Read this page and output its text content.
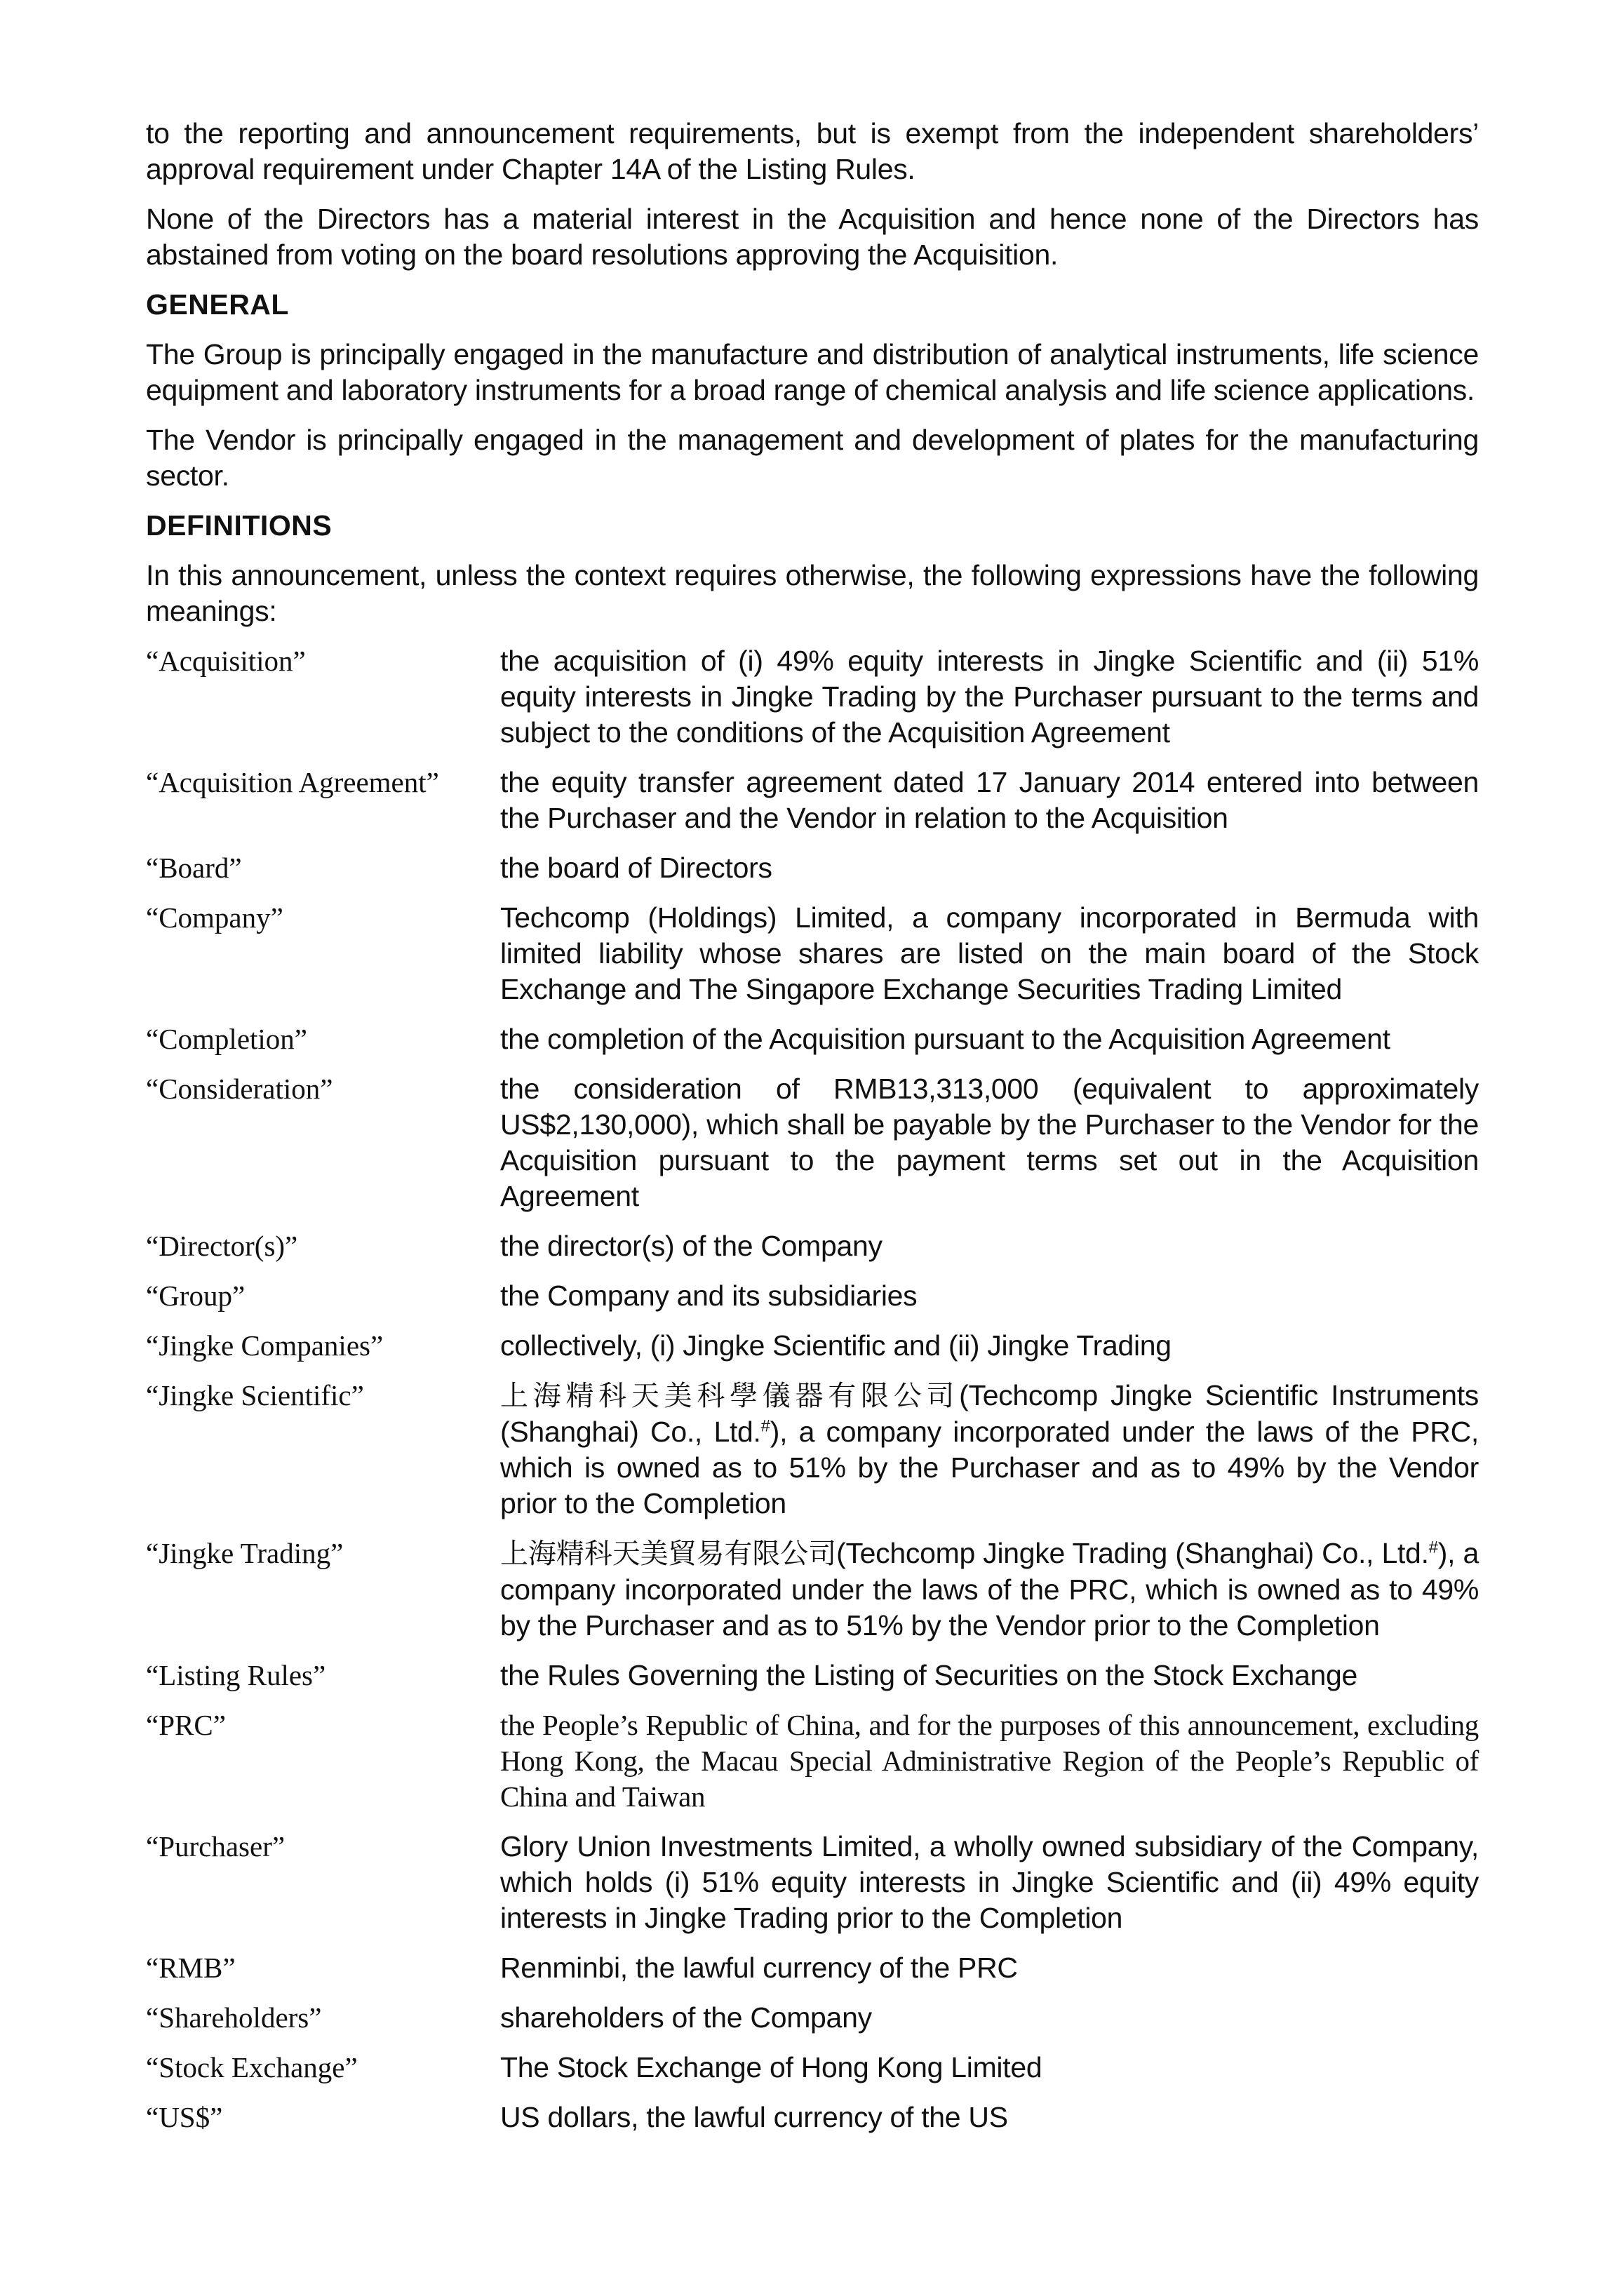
to the reporting and announcement requirements, but is exempt from the independent shareholders’ approval requirement under Chapter 14A of the Listing Rules.

None of the Directors has a material interest in the Acquisition and hence none of the Directors has abstained from voting on the board resolutions approving the Acquisition.

GENERAL

The Group is principally engaged in the manufacture and distribution of analytical instruments, life science equipment and laboratory instruments for a broad range of chemical analysis and life science applications.

The Vendor is principally engaged in the management and development of plates for the manufacturing sector.

DEFINITIONS

In this announcement, unless the context requires otherwise, the following expressions have the following meanings:

“Acquisition”	the acquisition of (i) 49% equity interests in Jingke Scientific and (ii) 51% equity interests in Jingke Trading by the Purchaser pursuant to the terms and subject to the conditions of the Acquisition Agreement
“Acquisition Agreement”	the equity transfer agreement dated 17 January 2014 entered into between the Purchaser and the Vendor in relation to the Acquisition
“Board”	the board of Directors
“Company”	Techcomp (Holdings) Limited, a company incorporated in Bermuda with limited liability whose shares are listed on the main board of the Stock Exchange and The Singapore Exchange Securities Trading Limited
“Completion”	the completion of the Acquisition pursuant to the Acquisition Agreement
“Consideration”	the consideration of RMB13,313,000 (equivalent to approximately US$2,130,000), which shall be payable by the Purchaser to the Vendor for the Acquisition pursuant to the payment terms set out in the Acquisition Agreement
“Director(s)”	the director(s) of the Company
“Group”	the Company and its subsidiaries
“Jingke Companies”	collectively, (i) Jingke Scientific and (ii) Jingke Trading
“Jingke Scientific”	上海精科天美科學儀器有限公司(Techcomp Jingke Scientific Instruments (Shanghai) Co., Ltd.#), a company incorporated under the laws of the PRC, which is owned as to 51% by the Purchaser and as to 49% by the Vendor prior to the Completion
“Jingke Trading”	上海精科天美貿易有限公司(Techcomp Jingke Trading (Shanghai) Co., Ltd.#), a company incorporated under the laws of the PRC, which is owned as to 49% by the Purchaser and as to 51% by the Vendor prior to the Completion
“Listing Rules”	the Rules Governing the Listing of Securities on the Stock Exchange
“PRC”	the People’s Republic of China, and for the purposes of this announcement, excluding Hong Kong, the Macau Special Administrative Region of the People’s Republic of China and Taiwan
“Purchaser”	Glory Union Investments Limited, a wholly owned subsidiary of the Company, which holds (i) 51% equity interests in Jingke Scientific and (ii) 49% equity interests in Jingke Trading prior to the Completion
“RMB”	Renminbi, the lawful currency of the PRC
“Shareholders”	shareholders of the Company
“Stock Exchange”	The Stock Exchange of Hong Kong Limited
“US$”	US dollars, the lawful currency of the US
